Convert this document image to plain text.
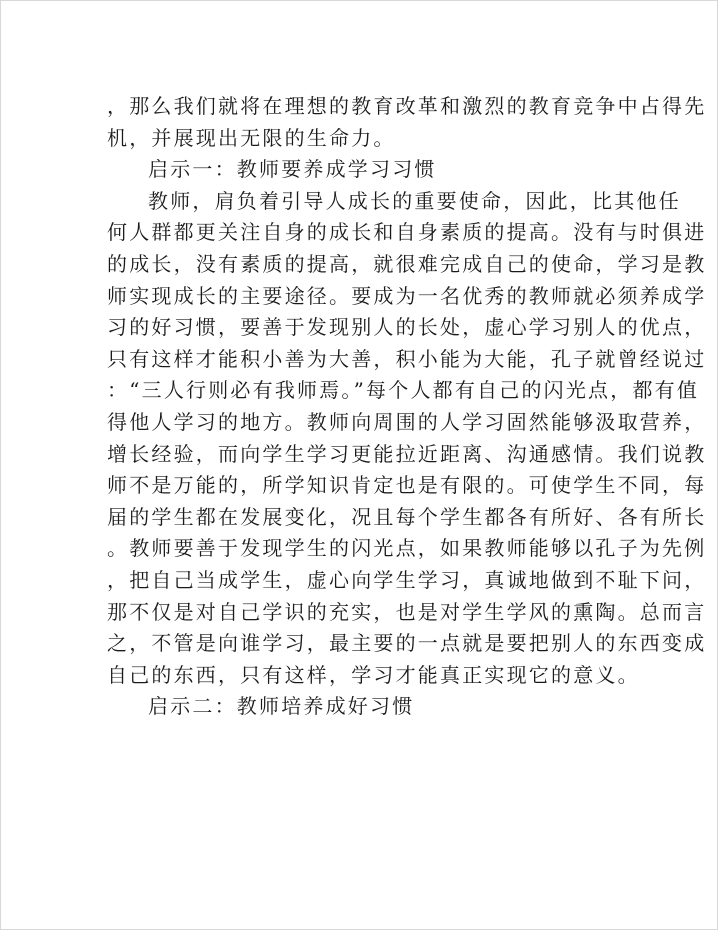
，那么我们就将在理想的教育改革和激烈的教育竞争中占得先
机，并展现出无限的生命力。
启示一：教师要养成学习习惯
教师，肩负着引导人成长的重要使命，因此，比其他任
何人群都更关注自身的成长和自身素质的提高。没有与时俱进
的成长，没有素质的提高，就很难完成自己的使命，学习是教
师实现成长的主要途径。要成为一名优秀的教师就必须养成学
习的好习惯，要善于发现别人的长处，虚心学习别人的优点，
只有这样才能积小善为大善，积小能为大能，孔子就曾经说过
：“三人行则必有我师焉。”每个人都有自己的闪光点，都有值
得他人学习的地方。教师向周围的人学习固然能够汲取营养，
增长经验，而向学生学习更能拉近距离、沟通感情。我们说教
师不是万能的，所学知识肯定也是有限的。可使学生不同，每
届的学生都在发展变化，况且每个学生都各有所好、各有所长
。教师要善于发现学生的闪光点，如果教师能够以孔子为先例
，把自己当成学生，虚心向学生学习，真诚地做到不耻下问，
那不仅是对自己学识的充实，也是对学生学风的熏陶。总而言
之，不管是向谁学习，最主要的一点就是要把别人的东西变成
自己的东西，只有这样，学习才能真正实现它的意义。
启示二：教师培养成好习惯
